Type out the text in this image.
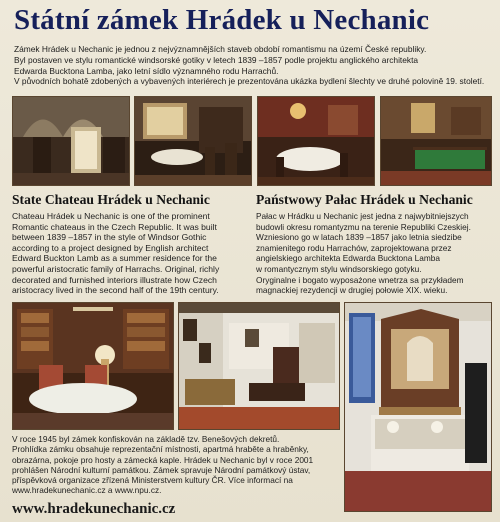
Státní zámek Hrádek u Nechanic

Zámek Hrádek u Nechanic je jednou z nejvýznamnějších staveb období romantismu na území České republiky.

Byl postaven ve stylu romantické windsorské gotiky v letech 1839 –1857 podle projektu anglického architekta

Edwarda Bucktona Lamba, jako letní sídlo významného rodu Harrachů.

V původních bohatě zdobených a vybavených interiérech je prezentována ukázka bydlení šlechty ve druhé polovině 19. století.

State Chateau Hrádek u Nechanic	Państwowy Pałac Hrádek u Nechanic

Chateau Hrádek u Nechanic is one of the prominent

Romantic chateaus in the Czech Republic. It was built

between 1839 –1857 in the style of Windsor Gothic

according to a project designed by English architect

Edward Buckton Lamb as a summer residence for the

powerful aristocratic family of Harrachs. Original, richly

decorated and furnished interiors illustrate how Czech

aristocracy lived in the second half of the 19th century.

Pałac w Hrádku u Nechanic jest jedna z najwybitniejszych

budowli okresu romantyzmu na terenie Republiki Czeskiej.

Wzniesiono go w latach 1839 –1857 jako letnia siedzibe

znamienitego rodu Harrachów, zaprojektowana przez

angielskiego architekta Edwarda Bucktona Lamba

w romantycznym stylu windsorskiego gotyku.

Oryginalne i bogato wyposażone wnetrza sa przykładem

magnackiej rezydencji w drugiej połowie XIX. wieku.

V roce 1945 byl zámek konfiskován na základě tzv. Benešových dekretů.

Prohlídka zámku obsahuje reprezentační místnosti, apartmá hraběte a hraběnky,

obrazárna, pokoje pro hosty a zámecká kaple. Hrádek u Nechanic byl v roce 2001

prohlášen Národní kulturní památkou. Zámek spravuje Národní památkový ústav,

příspěvková organizace zřízená Ministerstvem kultury ČR. Více informací na

www.hradekunechanic.cz a www.npu.cz.

www.hradekunechanic.cz
